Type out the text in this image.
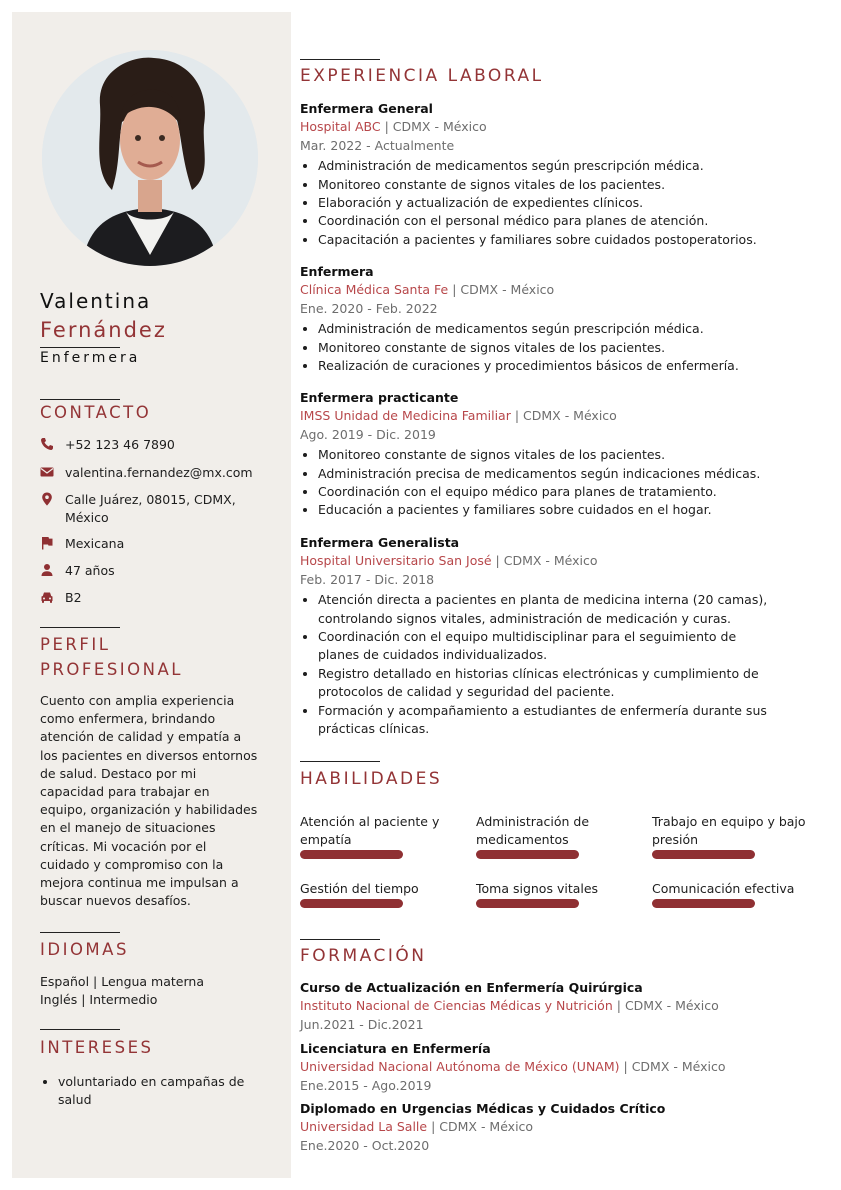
Valentina
Fernández
Enfermera
CONTACTO
+52 123 46 7890
valentina.fernandez@mx.com
Calle Juárez, 08015, CDMX, México
Mexicana
47 años
B2
PERFIL PROFESIONAL
Cuento con amplia experiencia como enfermera, brindando atención de calidad y empatía a los pacientes en diversos entornos de salud. Destaco por mi capacidad para trabajar en equipo, organización y habilidades en el manejo de situaciones críticas. Mi vocación por el cuidado y compromiso con la mejora continua me impulsan a buscar nuevos desafíos.
IDIOMAS
Español | Lengua materna
Inglés | Intermedio
INTERESES
• voluntariado en campañas de salud
EXPERIENCIA LABORAL
Enfermera General
Hospital ABC | CDMX - México
Mar. 2022 - Actualmente
• Administración de medicamentos según prescripción médica.
• Monitoreo constante de signos vitales de los pacientes.
• Elaboración y actualización de expedientes clínicos.
• Coordinación con el personal médico para planes de atención.
• Capacitación a pacientes y familiares sobre cuidados postoperatorios.
Enfermera
Clínica Médica Santa Fe | CDMX - México
Ene. 2020 - Feb. 2022
• Administración de medicamentos según prescripción médica.
• Monitoreo constante de signos vitales de los pacientes.
• Realización de curaciones y procedimientos básicos de enfermería.
Enfermera practicante
IMSS Unidad de Medicina Familiar | CDMX - México
Ago. 2019 - Dic. 2019
• Monitoreo constante de signos vitales de los pacientes.
• Administración precisa de medicamentos según indicaciones médicas.
• Coordinación con el equipo médico para planes de tratamiento.
• Educación a pacientes y familiares sobre cuidados en el hogar.
Enfermera Generalista
Hospital Universitario San José | CDMX - México
Feb. 2017 - Dic. 2018
• Atención directa a pacientes en planta de medicina interna (20 camas), controlando signos vitales, administración de medicación y curas.
• Coordinación con el equipo multidisciplinar para el seguimiento de planes de cuidados individualizados.
• Registro detallado en historias clínicas electrónicas y cumplimiento de protocolos de calidad y seguridad del paciente.
• Formación y acompañamiento a estudiantes de enfermería durante sus prácticas clínicas.
HABILIDADES
Atención al paciente y empatía
Administración de medicamentos
Trabajo en equipo y bajo presión
Gestión del tiempo	Toma signos vitales	Comunicación efectiva
FORMACIÓN
Curso de Actualización en Enfermería Quirúrgica
Instituto Nacional de Ciencias Médicas y Nutrición | CDMX - México
Jun.2021 - Dic.2021
Licenciatura en Enfermería
Universidad Nacional Autónoma de México (UNAM) | CDMX - México
Ene.2015 - Ago.2019
Diplomado en Urgencias Médicas y Cuidados Crítico
Universidad La Salle | CDMX - México
Ene.2020 - Oct.2020
